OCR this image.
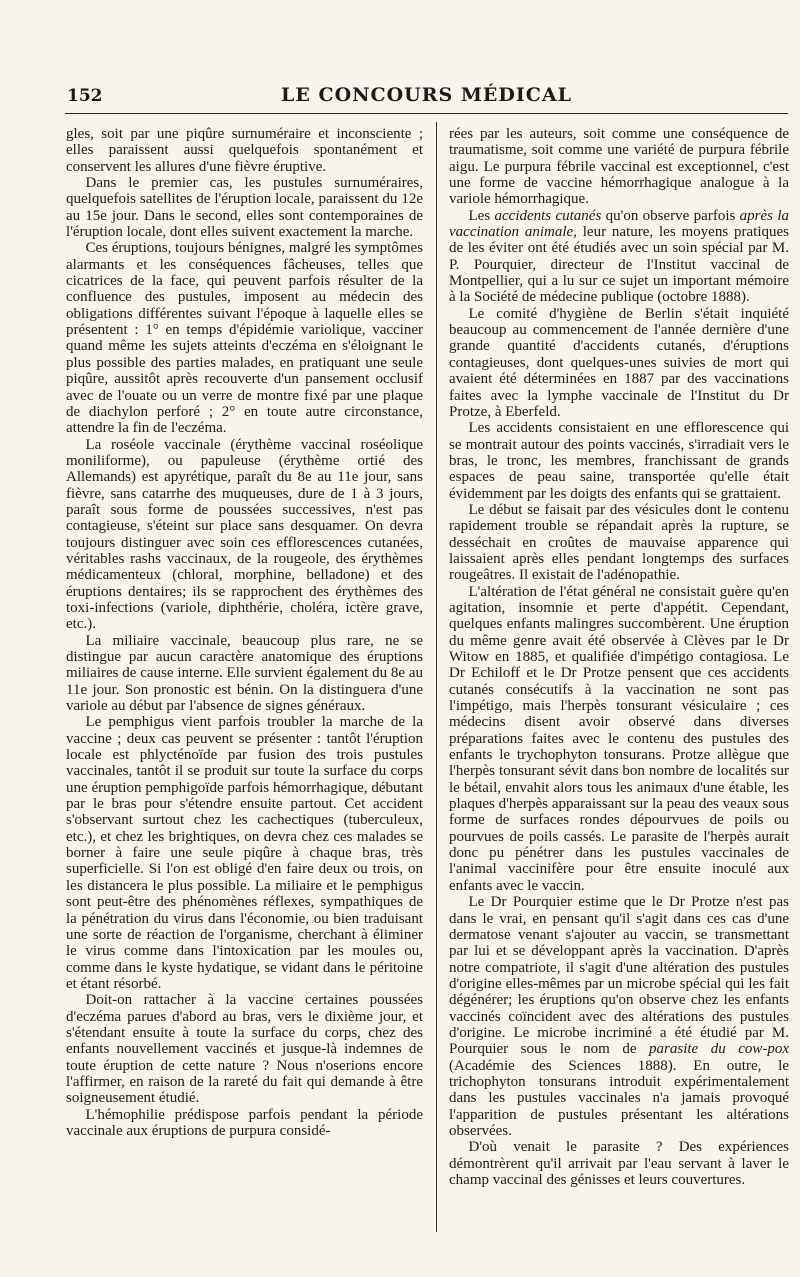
152	LE CONCOURS MÉDICAL

gles, soit par une piqûre surnuméraire et inconsciente ; elles paraissent aussi quelquefois spontanément et conservent les allures d'une fièvre éruptive.

Dans le premier cas, les pustules surnuméraires, quelquefois satellites de l'éruption locale, paraissent du 12e au 15e jour. Dans le second, elles sont contemporaines de l'éruption locale, dont elles suivent exactement la marche.

Ces éruptions, toujours bénignes, malgré les symptômes alarmants et les conséquences fâcheuses, telles que cicatrices de la face, qui peuvent parfois résulter de la confluence des pustules, imposent au médecin des obligations différentes suivant l'époque à laquelle elles se présentent : 1° en temps d'épidémie variolique, vacciner quand même les sujets atteints d'eczéma en s'éloignant le plus possible des parties malades, en pratiquant une seule piqûre, aussitôt après recouverte d'un pansement occlusif avec de l'ouate ou un verre de montre fixé par une plaque de diachylon perforé ; 2° en toute autre circonstance, attendre la fin de l'eczéma.

La roséole vaccinale (érythème vaccinal roséolique moniliforme), ou papuleuse (érythème ortié des Allemands) est apyrétique, paraît du 8e au 11e jour, sans fièvre, sans catarrhe des muqueuses, dure de 1 à 3 jours, paraît sous forme de poussées successives, n'est pas contagieuse, s'éteint sur place sans desquamer. On devra toujours distinguer avec soin ces efflorescences cutanées, véritables rashs vaccinaux, de la rougeole, des érythèmes médicamenteux (chloral, morphine, belladone) et des éruptions dentaires; ils se rapprochent des érythèmes des toxi-infections (variole, diphthérie, choléra, ictère grave, etc.).

La miliaire vaccinale, beaucoup plus rare, ne se distingue par aucun caractère anatomique des éruptions miliaires de cause interne. Elle survient également du 8e au 11e jour. Son pronostic est bénin. On la distinguera d'une variole au début par l'absence de signes généraux.

Le pemphigus vient parfois troubler la marche de la vaccine ; deux cas peuvent se présenter : tantôt l'éruption locale est phlycténoïde par fusion des trois pustules vaccinales, tantôt il se produit sur toute la surface du corps une éruption pemphigoïde parfois hémorrhagique, débutant par le bras pour s'étendre ensuite partout. Cet accident s'observant surtout chez les cachectiques (tuberculeux, etc.), et chez les brightiques, on devra chez ces malades se borner à faire une seule piqûre à chaque bras, très superficielle. Si l'on est obligé d'en faire deux ou trois, on les distancera le plus possible. La miliaire et le pemphigus sont peut-être des phénomènes réflexes, sympathiques de la pénétration du virus dans l'économie, ou bien traduisant une sorte de réaction de l'organisme, cherchant à éliminer le virus comme dans l'intoxication par les moules ou, comme dans le kyste hydatique, se vidant dans le péritoine et étant résorbé.

Doit-on rattacher à la vaccine certaines poussées d'eczéma parues d'abord au bras, vers le dixième jour, et s'étendant ensuite à toute la surface du corps, chez des enfants nouvellement vaccinés et jusque-là indemnes de toute éruption de cette nature ? Nous n'oserions encore l'affirmer, en raison de la rareté du fait qui demande à être soigneusement étudié.

L'hémophilie prédispose parfois pendant la période vaccinale aux éruptions de purpura considé-

rées par les auteurs, soit comme une conséquence de traumatisme, soit comme une variété de purpura fébrile aigu. Le purpura fébrile vaccinal est exceptionnel, c'est une forme de vaccine hémorrhagique analogue à la variole hémorrhagique.

Les accidents cutanés qu'on observe parfois après la vaccination animale, leur nature, les moyens pratiques de les éviter ont été étudiés avec un soin spécial par M. P. Pourquier, directeur de l'Institut vaccinal de Montpellier, qui a lu sur ce sujet un important mémoire à la Société de médecine publique (octobre 1888).

Le comité d'hygiène de Berlin s'était inquiété beaucoup au commencement de l'année dernière d'une grande quantité d'accidents cutanés, d'éruptions contagieuses, dont quelques-unes suivies de mort qui avaient été déterminées en 1887 par des vaccinations faites avec la lymphe vaccinale de l'Institut du Dr Protze, à Eberfeld.

Les accidents consistaient en une efflorescence qui se montrait autour des points vaccinés, s'irradiait vers le bras, le tronc, les membres, franchissant de grands espaces de peau saine, transportée qu'elle était évidemment par les doigts des enfants qui se grattaient.

Le début se faisait par des vésicules dont le contenu rapidement trouble se répandait après la rupture, se desséchait en croûtes de mauvaise apparence qui laissaient après elles pendant longtemps des surfaces rougeâtres. Il existait de l'adénopathie.

L'altération de l'état général ne consistait guère qu'en agitation, insomnie et perte d'appétit. Cependant, quelques enfants malingres succombèrent. Une éruption du même genre avait été observée à Clèves par le Dr Witow en 1885, et qualifiée d'impétigo contagiosa. Le Dr Echiloff et le Dr Protze pensent que ces accidents cutanés consécutifs à la vaccination ne sont pas l'impétigo, mais l'herpès tonsurant vésiculaire ; ces médecins disent avoir observé dans diverses préparations faites avec le contenu des pustules des enfants le trychophyton tonsurans. Protze allègue que l'herpès tonsurant sévit dans bon nombre de localités sur le bétail, envahit alors tous les animaux d'une étable, les plaques d'herpès apparaissant sur la peau des veaux sous forme de surfaces rondes dépourvues de poils ou pourvues de poils cassés. Le parasite de l'herpès aurait donc pu pénétrer dans les pustules vaccinales de l'animal vaccinifère pour être ensuite inoculé aux enfants avec le vaccin.

Le Dr Pourquier estime que le Dr Protze n'est pas dans le vrai, en pensant qu'il s'agit dans ces cas d'une dermatose venant s'ajouter au vaccin, se transmettant par lui et se développant après la vaccination. D'après notre compatriote, il s'agit d'une altération des pustules d'origine elles-mêmes par un microbe spécial qui les fait dégénérer; les éruptions qu'on observe chez les enfants vaccinés coïncident avec des altérations des pustules d'origine. Le microbe incriminé a été étudié par M. Pourquier sous le nom de parasite du cow-pox (Académie des Sciences 1888). En outre, le trichophyton tonsurans introduit expérimentalement dans les pustules vaccinales n'a jamais provoqué l'apparition de pustules présentant les altérations observées.

D'où venait le parasite ? Des expériences démontrèrent qu'il arrivait par l'eau servant à laver le champ vaccinal des génisses et leurs couvertures.
